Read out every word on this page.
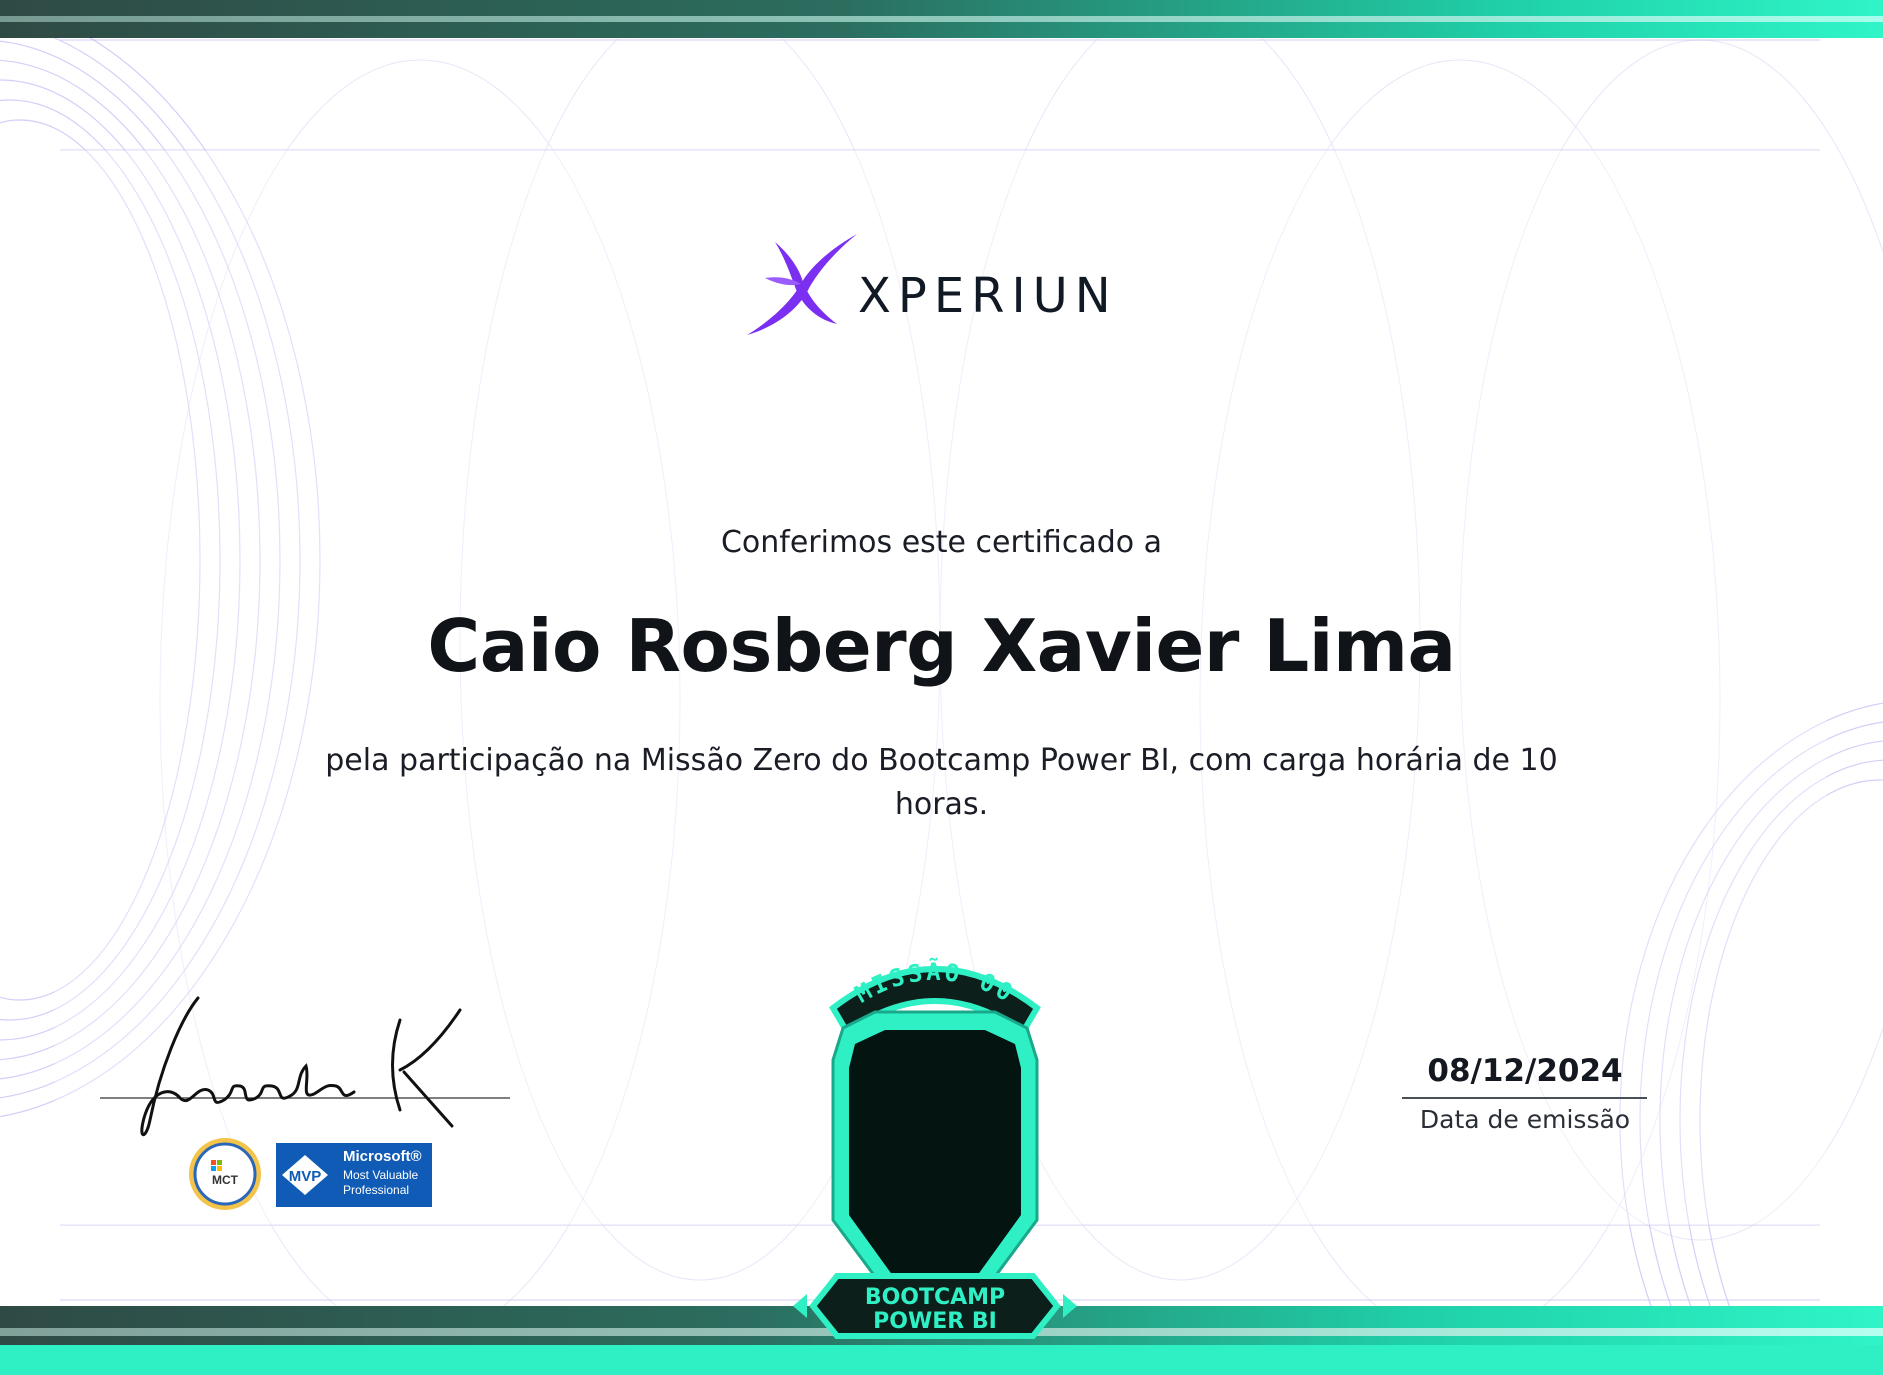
XPERIUN
Conferimos este certificado a
Caio Rosberg Xavier Lima
pela participação na Missão Zero do Bootcamp Power BI, com carga horária de 10 horas.
MCT	MVP
Microsoft®
Most Valuable
Professional
MISSÃO 00
BOOTCAMP
POWER BI
08/12/2024
Data de emissão
